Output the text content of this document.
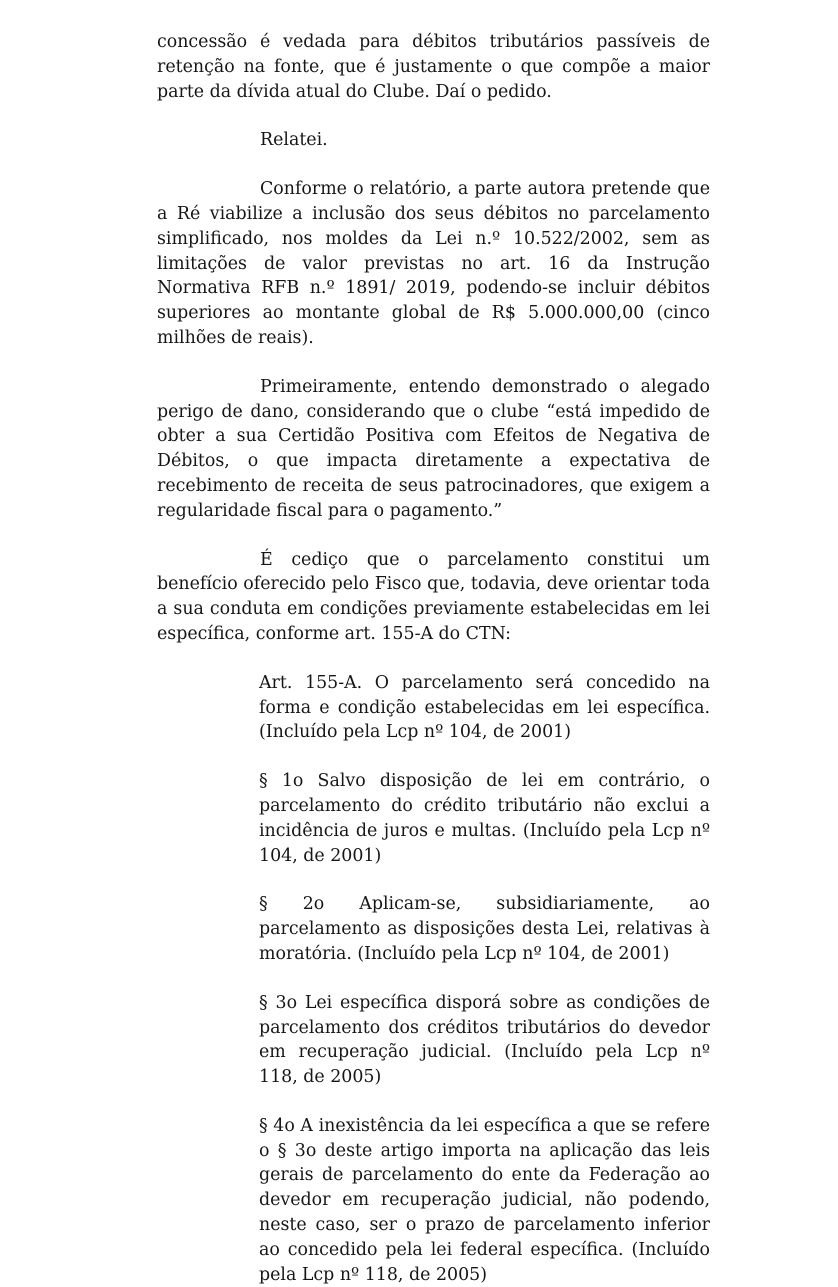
concessão é vedada para débitos tributários passíveis de retenção na fonte, que é justamente o que compõe a maior parte da dívida atual do Clube. Daí o pedido.

Relatei.

Conforme o relatório, a parte autora pretende que a Ré viabilize a inclusão dos seus débitos no parcelamento simplificado, nos moldes da Lei n.º 10.522/2002, sem as limitações de valor previstas no art. 16 da Instrução Normativa RFB n.º 1891/ 2019, podendo-se incluir débitos superiores ao montante global de R$ 5.000.000,00 (cinco milhões de reais).

Primeiramente, entendo demonstrado o alegado perigo de dano, considerando que o clube “está impedido de obter a sua Certidão Positiva com Efeitos de Negativa de Débitos, o que impacta diretamente a expectativa de recebimento de receita de seus patrocinadores, que exigem a regularidade fiscal para o pagamento.”

É cediço que o parcelamento constitui um benefício oferecido pelo Fisco que, todavia, deve orientar toda a sua conduta em condições previamente estabelecidas em lei específica, conforme art. 155-A do CTN:

Art. 155-A. O parcelamento será concedido na forma e condição estabelecidas em lei específica. (Incluído pela Lcp nº 104, de 2001)

§ 1o Salvo disposição de lei em contrário, o parcelamento do crédito tributário não exclui a incidência de juros e multas. (Incluído pela Lcp nº 104, de 2001)

§ 2o Aplicam-se, subsidiariamente, ao parcelamento as disposições desta Lei, relativas à moratória. (Incluído pela Lcp nº 104, de 2001)

§ 3o Lei específica disporá sobre as condições de parcelamento dos créditos tributários do devedor em recuperação judicial. (Incluído pela Lcp nº 118, de 2005)

§ 4o A inexistência da lei específica a que se refere o § 3o deste artigo importa na aplicação das leis gerais de parcelamento do ente da Federação ao devedor em recuperação judicial, não podendo, neste caso, ser o prazo de parcelamento inferior ao concedido pela lei federal específica. (Incluído pela Lcp nº 118, de 2005)
